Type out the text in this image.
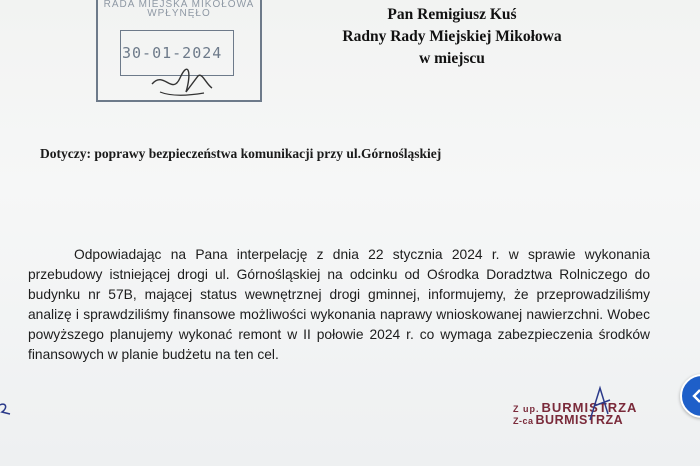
RADA MIEJSKA MIKOŁOWA
WPŁYNĘŁO
30-01-2024
Pan Remigiusz Kuś
Radny Rady Miejskiej Mikołowa
w miejscu
Dotyczy: poprawy bezpieczeństwa komunikacji przy ul.Górnośląskiej
Odpowiadając na Pana interpelację z dnia 22 stycznia 2024 r. w sprawie wykonania przebudowy istniejącej drogi ul. Górnośląskiej na odcinku od Ośrodka Doradztwa Rolniczego do budynku nr 57B, mającej status wewnętrznej drogi gminnej, informujemy, że przeprowadziliśmy analizę i sprawdziliśmy finansowe możliwości wykonania naprawy wnioskowanej nawierzchni. Wobec powyższego planujemy wykonać remont w II połowie 2024 r. co wymaga zabezpieczenia środków finansowych w planie budżetu na ten cel.
Z up. BURMISTRZA
Z-ca BURMISTRZA
